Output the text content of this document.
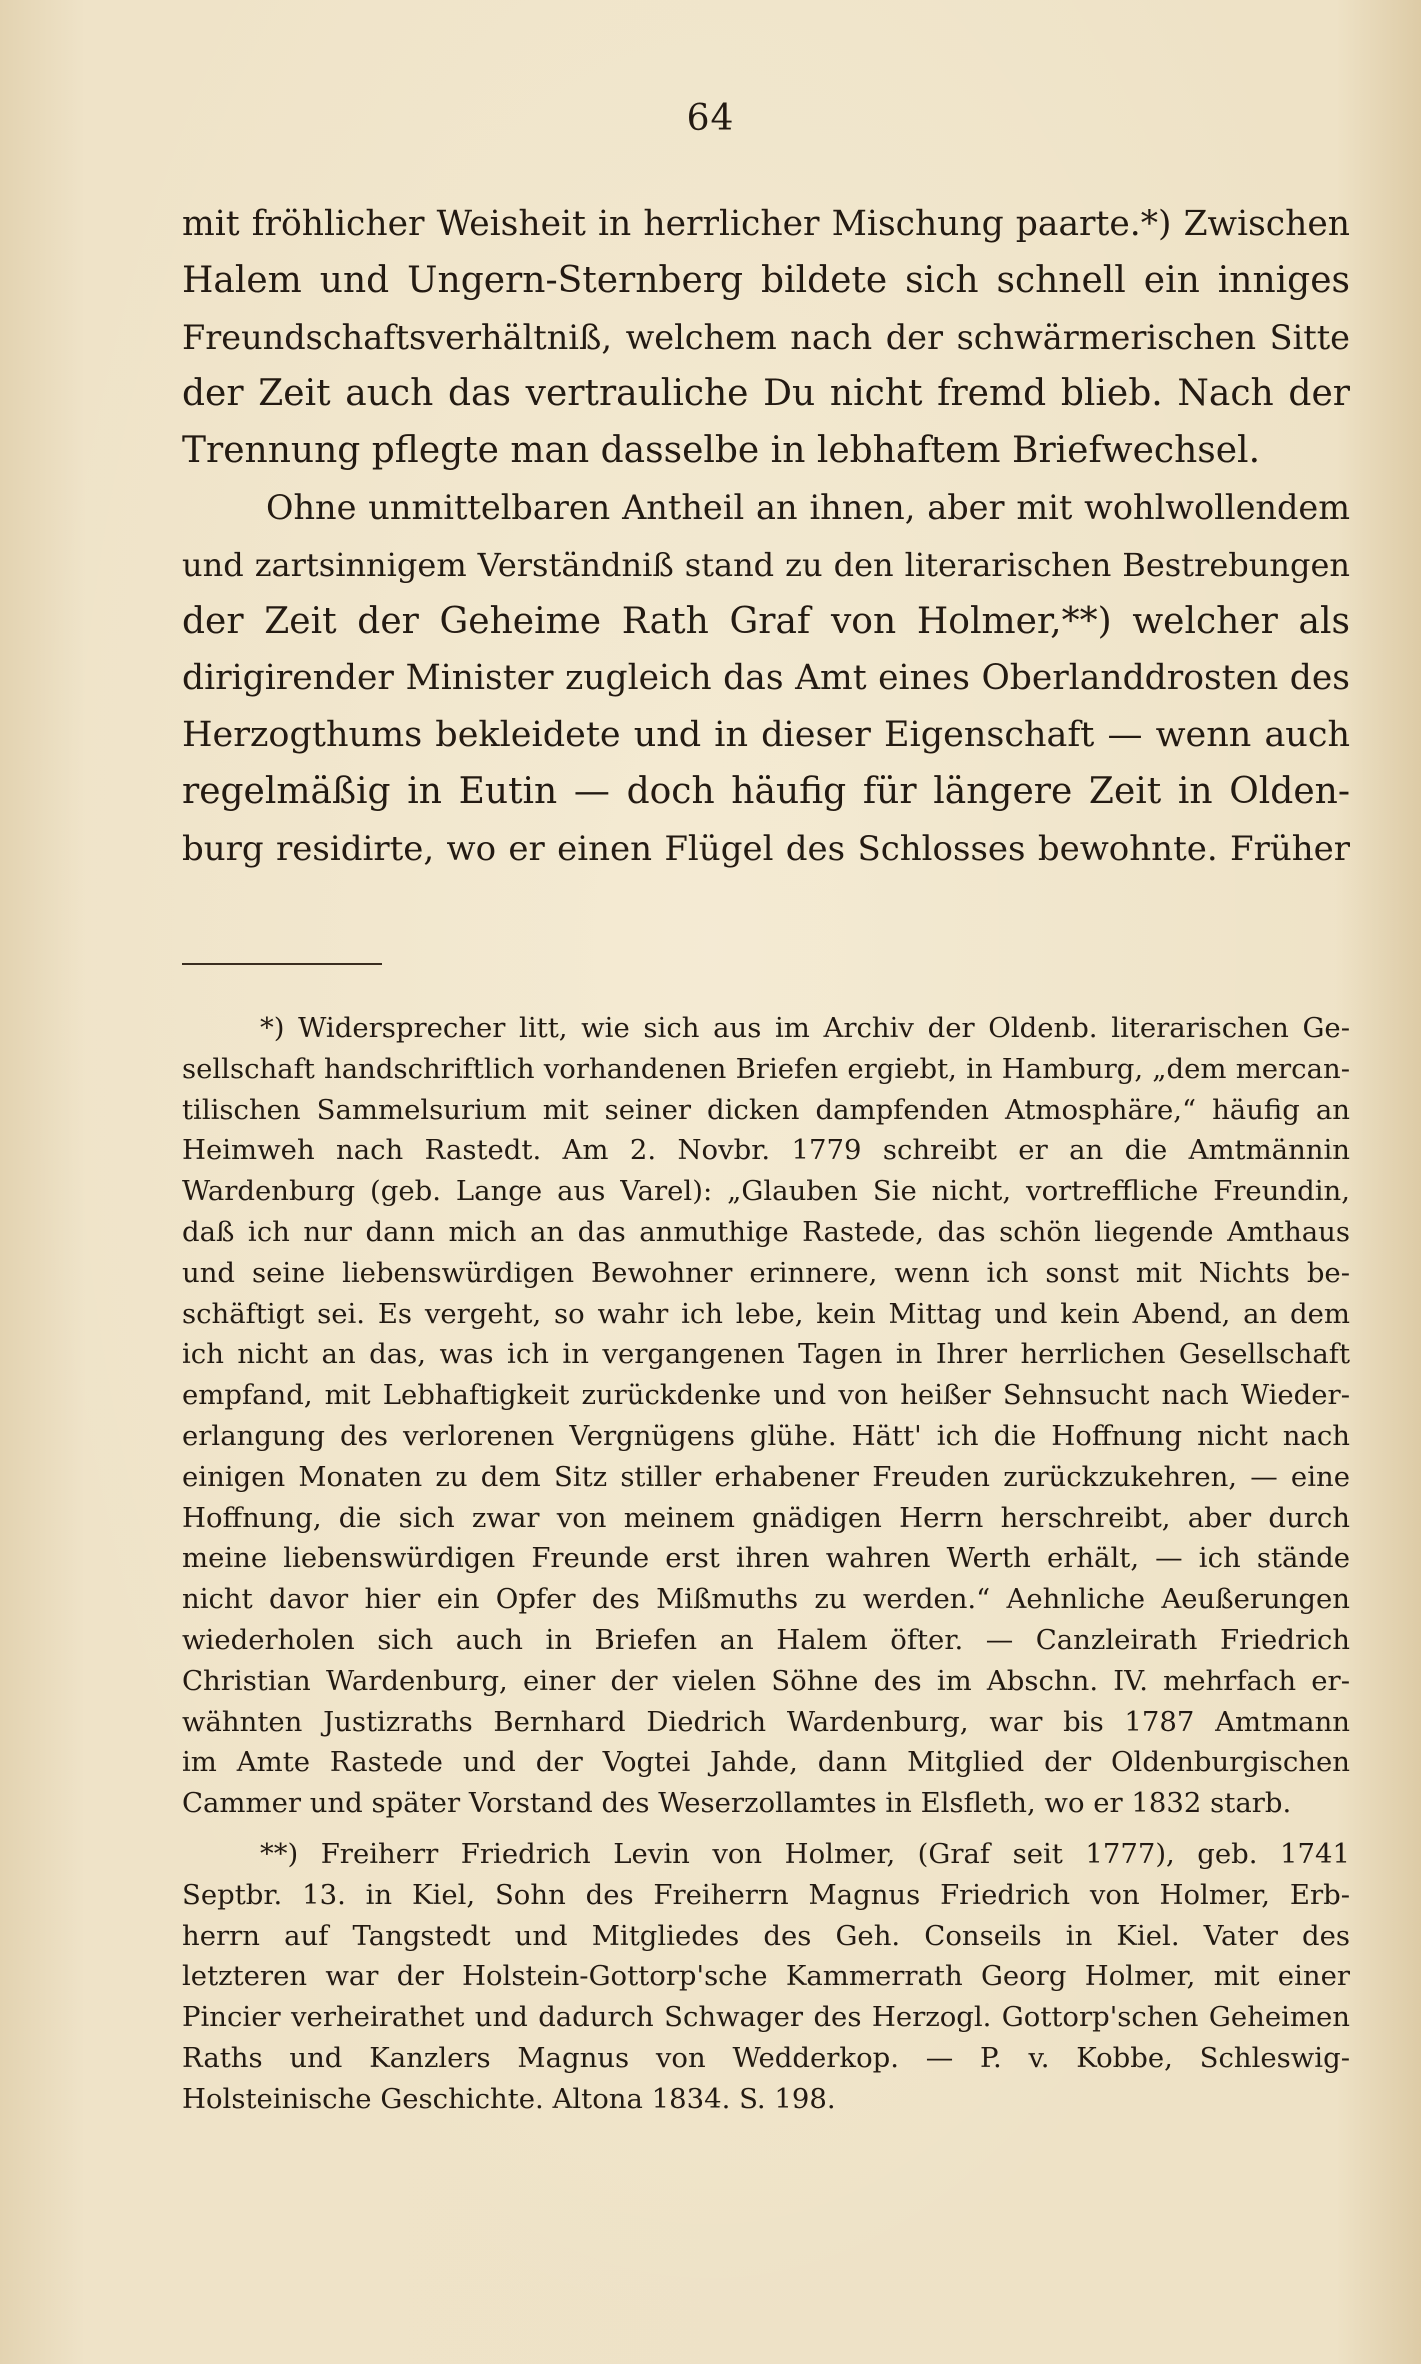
64
mit fröhlicher Weisheit in herrlicher Mischung paarte.*) Zwischen
Halem und Ungern-Sternberg bildete sich schnell ein inniges
Freundschaftsverhältniß, welchem nach der schwärmerischen Sitte
der Zeit auch das vertrauliche Du nicht fremd blieb. Nach der
Trennung pflegte man dasselbe in lebhaftem Briefwechsel.
Ohne unmittelbaren Antheil an ihnen, aber mit wohlwollendem
und zartsinnigem Verständniß stand zu den literarischen Bestrebungen
der Zeit der Geheime Rath Graf von Holmer,**) welcher als
dirigirender Minister zugleich das Amt eines Oberlanddrosten des
Herzogthums bekleidete und in dieser Eigenschaft — wenn auch
regelmäßig in Eutin — doch häufig für längere Zeit in Olden-
burg residirte, wo er einen Flügel des Schlosses bewohnte. Früher
*) Widersprecher litt, wie sich aus im Archiv der Oldenb. literarischen Ge-
sellschaft handschriftlich vorhandenen Briefen ergiebt, in Hamburg, „dem mercan-
tilischen Sammelsurium mit seiner dicken dampfenden Atmosphäre,“ häufig an
Heimweh nach Rastedt. Am 2. Novbr. 1779 schreibt er an die Amtmännin
Wardenburg (geb. Lange aus Varel): „Glauben Sie nicht, vortreffliche Freundin,
daß ich nur dann mich an das anmuthige Rastede, das schön liegende Amthaus
und seine liebenswürdigen Bewohner erinnere, wenn ich sonst mit Nichts be-
schäftigt sei. Es vergeht, so wahr ich lebe, kein Mittag und kein Abend, an dem
ich nicht an das, was ich in vergangenen Tagen in Ihrer herrlichen Gesellschaft
empfand, mit Lebhaftigkeit zurückdenke und von heißer Sehnsucht nach Wieder-
erlangung des verlorenen Vergnügens glühe. Hätt' ich die Hoffnung nicht nach
einigen Monaten zu dem Sitz stiller erhabener Freuden zurückzukehren, — eine
Hoffnung, die sich zwar von meinem gnädigen Herrn herschreibt, aber durch
meine liebenswürdigen Freunde erst ihren wahren Werth erhält, — ich stände
nicht davor hier ein Opfer des Mißmuths zu werden.“ Aehnliche Aeußerungen
wiederholen sich auch in Briefen an Halem öfter. — Canzleirath Friedrich
Christian Wardenburg, einer der vielen Söhne des im Abschn. IV. mehrfach er-
wähnten Justizraths Bernhard Diedrich Wardenburg, war bis 1787 Amtmann
im Amte Rastede und der Vogtei Jahde, dann Mitglied der Oldenburgischen
Cammer und später Vorstand des Weserzollamtes in Elsfleth, wo er 1832 starb.
**) Freiherr Friedrich Levin von Holmer, (Graf seit 1777), geb. 1741
Septbr. 13. in Kiel, Sohn des Freiherrn Magnus Friedrich von Holmer, Erb-
herrn auf Tangstedt und Mitgliedes des Geh. Conseils in Kiel. Vater des
letzteren war der Holstein-Gottorp'sche Kammerrath Georg Holmer, mit einer
Pincier verheirathet und dadurch Schwager des Herzogl. Gottorp'schen Geheimen
Raths und Kanzlers Magnus von Wedderkop. — P. v. Kobbe, Schleswig-
Holsteinische Geschichte. Altona 1834. S. 198.
